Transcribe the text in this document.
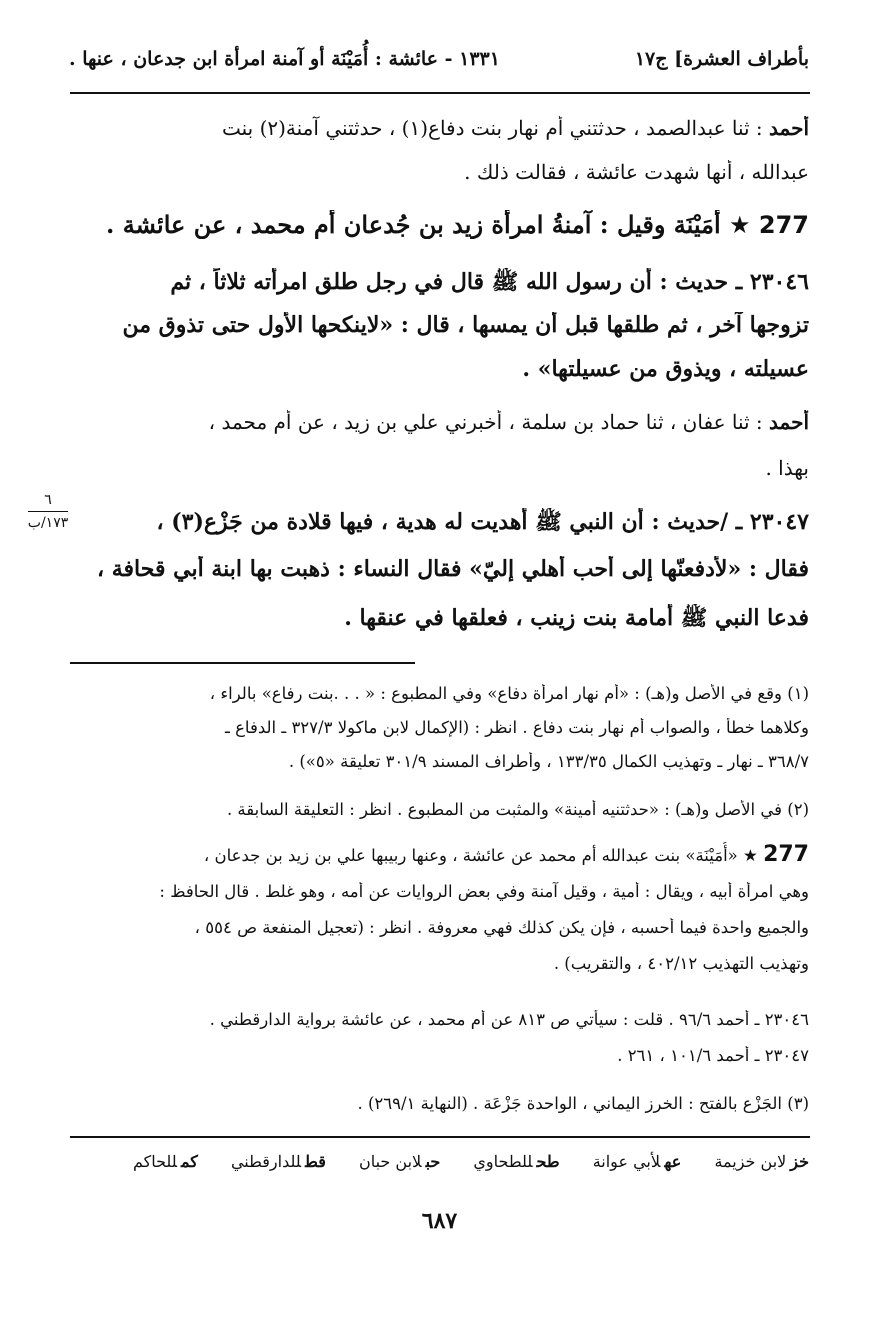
بأطراف العشرة] ج١٧
١٣٣١ - عائشة : أُمَيْنَة أو آمنة امرأة ابن جدعان ، عنها .
أحمد : ثنا عبدالصمد ، حدثتني أم نهار بنت دفاع(١) ، حدثتني آمنة(٢) بنت
عبدالله ، أنها شهدت عائشة ، فقالت ذلك .
277 ★ أُمَيْنَة وقيل : آمنةُ امرأة زيد بن جُدعان أم محمد ، عن عائشة .
٢٣٠٤٦ ـ حديث : أن رسول الله ﷺ قال في رجل طلق امرأته ثلاثاً ، ثم
تزوجها آخر ، ثم طلقها قبل أن يمسها ، قال : «لاينكحها الأول حتى تذوق من
عسيلته ، ويذوق من عسيلتها» .
أحمد : ثنا عفان ، ثنا حماد بن سلمة ، أخبرني علي بن زيد ، عن أم محمد ،
بهذا .
٦
١٧٣/ب	٢٣٠٤٧ ـ /حديث : أن النبي ﷺ أُهديت له هدية ، فيها قلادة من جَزْع(٣) ،
فقال : «لأدفعنّها إلى أحب أهلي إليّ» فقال النساء : ذهبت بها ابنة أبي قحافة ،
فدعا النبي ﷺ أمامة بنت زينب ، فعلقها في عنقها .
(١) وقع في الأصل و(هـ) : «أم نهار امرأة دفاع» وفي المطبوع : « . . .بنت رفاع» بالراء ،
وكلاهما خطأ ، والصواب أم نهار بنت دفاع . انظر : (الإكمال لابن ماكولا ٣٢٧/٣ ـ الدفاع ـ
٣٦٨/٧ ـ نهار ـ وتهذيب الكمال ١٣٣/٣٥ ، وأطراف المسند ٣٠١/٩ تعليقة «٥») .
(٢) في الأصل و(هـ) : «حدثتنيه أمينة» والمثبت من المطبوع . انظر : التعليقة السابقة .
277 ★ «أُمَيْنَة» بنت عبدالله أم محمد عن عائشة ، وعنها ربيبها علي بن زيد بن جدعان ،
وهي امرأة أبيه ، ويقال : أمية ، وقيل آمنة وفي بعض الروايات عن أمه ، وهو غلط . قال الحافظ :
والجميع واحدة فيما أحسبه ، فإن يكن كذلك فهي معروفة . انظر : (تعجيل المنفعة ص ٥٥٤ ،
وتهذيب التهذيب ٤٠٢/١٢ ، والتقريب) .
٢٣٠٤٦ ـ أحمد ٩٦/٦ . قلت : سيأتي ص ٨١٣ عن أم محمد ، عن عائشة برواية الدارقطني .
٢٣٠٤٧ ـ أحمد ١٠١/٦ ، ٢٦١ .
(٣) الجَزْع بالفتح : الخرز اليماني ، الواحدة جَزْعَة . (النهاية ٢٦٩/١) .
خزلابن خزيمة عهلأبي عوانة طحللطحاوي حبلابن حبان قطللدارقطني كمللحاكم
٦٨٧
